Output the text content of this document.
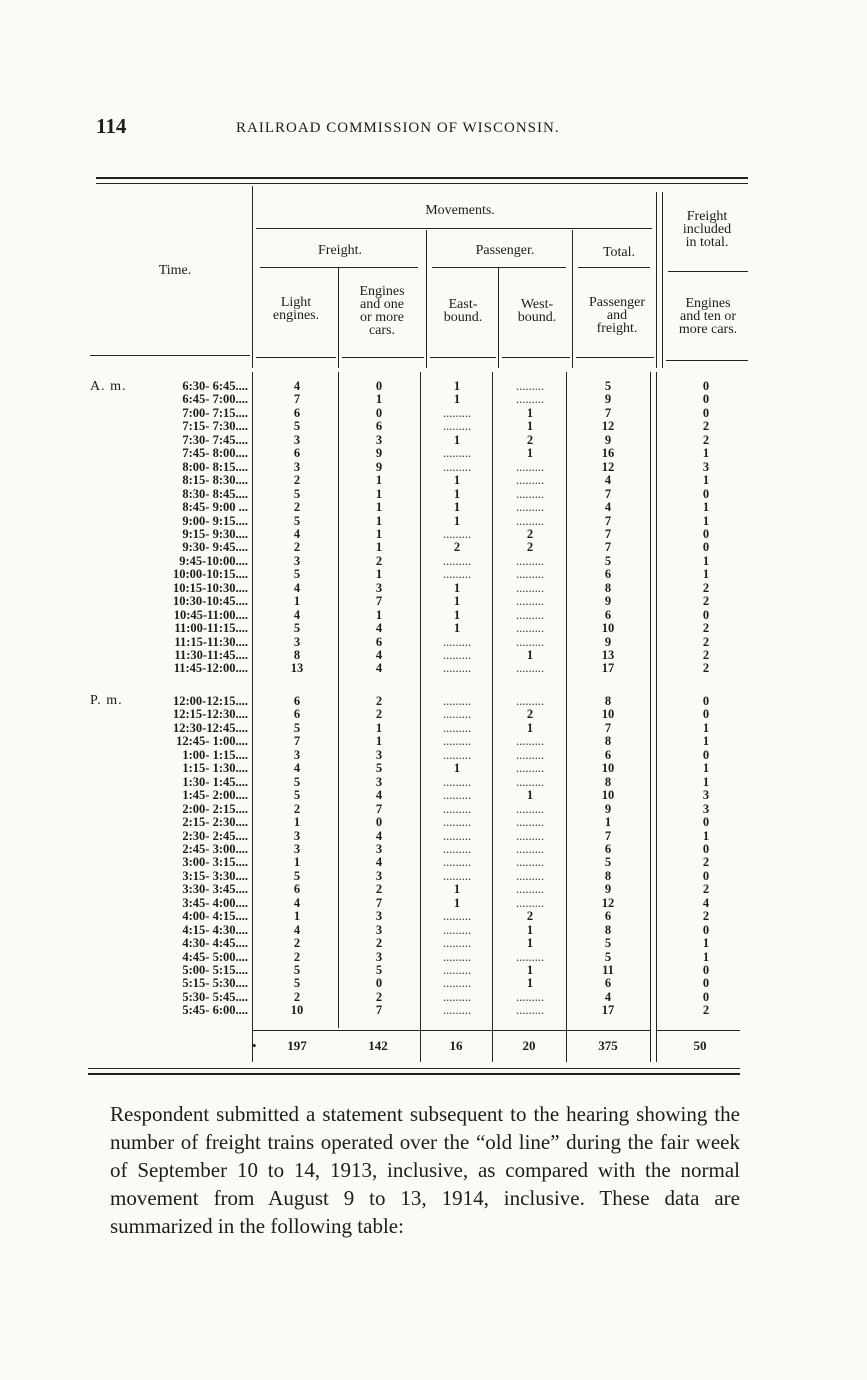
114	RAILROAD COMMISSION OF WISCONSIN.
Time.
Movements.
Freight.	Passenger.	Total.
Light
engines.
Engines
and one
or more
cars.
East-
bound.
West-
bound.
Passenger
and
freight.
Freight
included
in total.
Engines
and ten or
more cars.
A. m.
P. m.
6:30- 6:45....	4	0	1	.........	5	0
6:45- 7:00....	7	1	1	.........	9	0
7:00- 7:15....	6	0	.........	1	7	0
7:15- 7:30....	5	6	.........	1	12	2
7:30- 7:45....	3	3	1	2	9	2
7:45- 8:00....	6	9	.........	1	16	1
8:00- 8:15....	3	9	.........	.........	12	3
8:15- 8:30....	2	1	1	.........	4	1
8:30- 8:45....	5	1	1	.........	7	0
8:45- 9:00 ...	2	1	1	.........	4	1
9:00- 9:15....	5	1	1	.........	7	1
9:15- 9:30....	4	1	.........	2	7	0
9:30- 9:45....	2	1	2	2	7	0
9:45-10:00....	3	2	.........	.........	5	1
10:00-10:15....	5	1	.........	.........	6	1
10:15-10:30....	4	3	1	.........	8	2
10:30-10:45....	1	7	1	.........	9	2
10:45-11:00....	4	1	1	.........	6	0
11:00-11:15....	5	4	1	.........	10	2
11:15-11:30....	3	6	.........	.........	9	2
11:30-11:45....	8	4	.........	1	13	2
11:45-12:00....	13	4	.........	.........	17	2
12:00-12:15....	6	2	.........	.........	8	0
12:15-12:30....	6	2	.........	2	10	0
12:30-12:45....	5	1	.........	1	7	1
12:45- 1:00....	7	1	.........	.........	8	1
1:00- 1:15....	3	3	.........	.........	6	0
1:15- 1:30....	4	5	1	.........	10	1
1:30- 1:45....	5	3	.........	.........	8	1
1:45- 2:00....	5	4	.........	1	10	3
2:00- 2:15....	2	7	.........	.........	9	3
2:15- 2:30....	1	0	.........	.........	1	0
2:30- 2:45....	3	4	.........	.........	7	1
2:45- 3:00....	3	3	.........	.........	6	0
3:00- 3:15....	1	4	.........	.........	5	2
3:15- 3:30....	5	3	.........	.........	8	0
3:30- 3:45....	6	2	1	.........	9	2
3:45- 4:00....	4	7	1	.........	12	4
4:00- 4:15....	1	3	.........	2	6	2
4:15- 4:30....	4	3	.........	1	8	0
4:30- 4:45....	2	2	.........	1	5	1
4:45- 5:00....	2	3	.........	.........	5	1
5:00- 5:15....	5	5	.........	1	11	0
5:15- 5:30....	5	0	.........	1	6	0
5:30- 5:45....	2	2	.........	.........	4	0
5:45- 6:00....	10	7	.........	.........	17	2
•	197	142	16	20	375	50
Respondent submitted a statement subsequent to the hearing showing the number of freight trains operated over the “old line” during the fair week of September 10 to 14, 1913, inclusive, as compared with the normal movement from August 9 to 13, 1914, inclusive. These data are summarized in the following table:
